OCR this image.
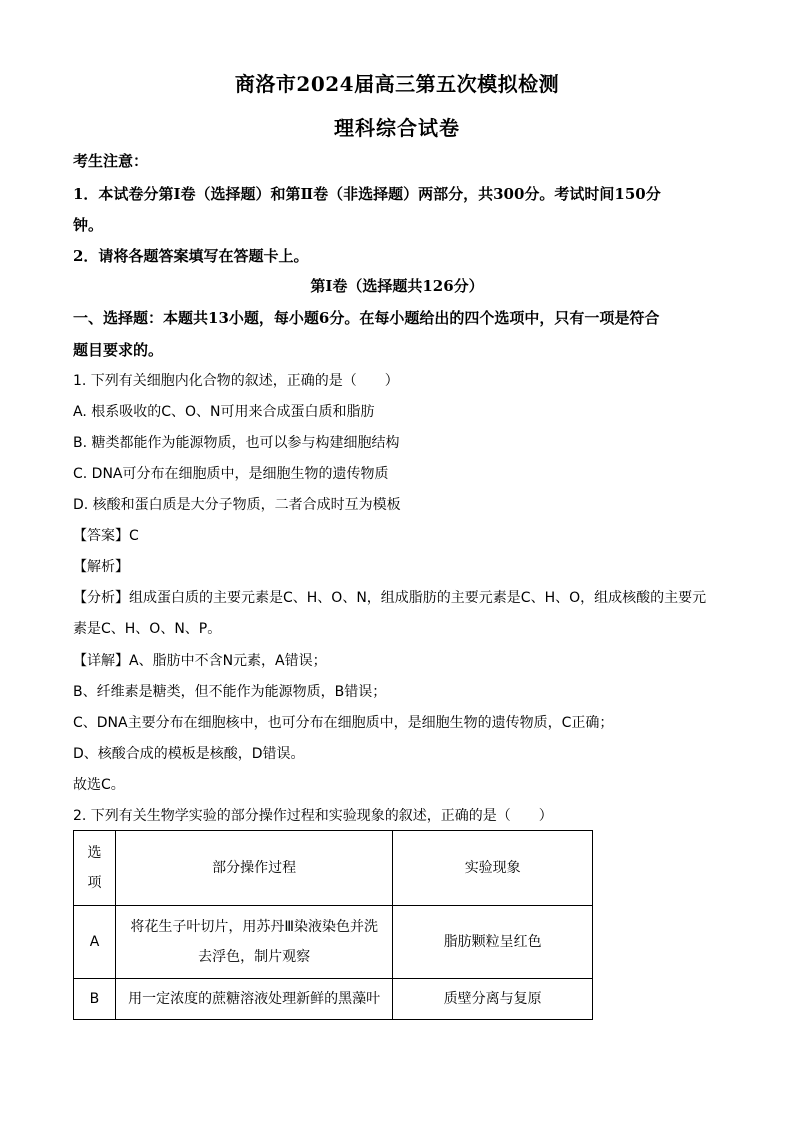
商洛市2024届高三第五次模拟检测
理科综合试卷
考生注意：
1．本试卷分第Ⅰ卷（选择题）和第Ⅱ卷（非选择题）两部分，共300分。考试时间150分
钟。
2．请将各题答案填写在答题卡上。
第Ⅰ卷（选择题共126分）
一、选择题：本题共13小题，每小题6分。在每小题给出的四个选项中，只有一项是符合
题目要求的。
1. 下列有关细胞内化合物的叙述，正确的是（　　）
A. 根系吸收的C、O、N可用来合成蛋白质和脂肪
B. 糖类都能作为能源物质，也可以参与构建细胞结构
C. DNA可分布在细胞质中，是细胞生物的遗传物质
D. 核酸和蛋白质是大分子物质，二者合成时互为模板
【答案】C
【解析】
【分析】组成蛋白质的主要元素是C、H、O、N，组成脂肪的主要元素是C、H、O，组成核酸的主要元
素是C、H、O、N、P。
【详解】A、脂肪中不含N元素，A错误；
B、纤维素是糖类，但不能作为能源物质，B错误；
C、DNA主要分布在细胞核中，也可分布在细胞质中，是细胞生物的遗传物质，C正确；
D、核酸合成的模板是核酸，D错误。
故选C。
2. 下列有关生物学实验的部分操作过程和实验现象的叙述，正确的是（　　）
选
项	部分操作过程	实验现象
A	将花生子叶切片，用苏丹Ⅲ染液染色并洗
去浮色，制片观察	脂肪颗粒呈红色
B	用一定浓度的蔗糖溶液处理新鲜的黑藻叶	质壁分离与复原
